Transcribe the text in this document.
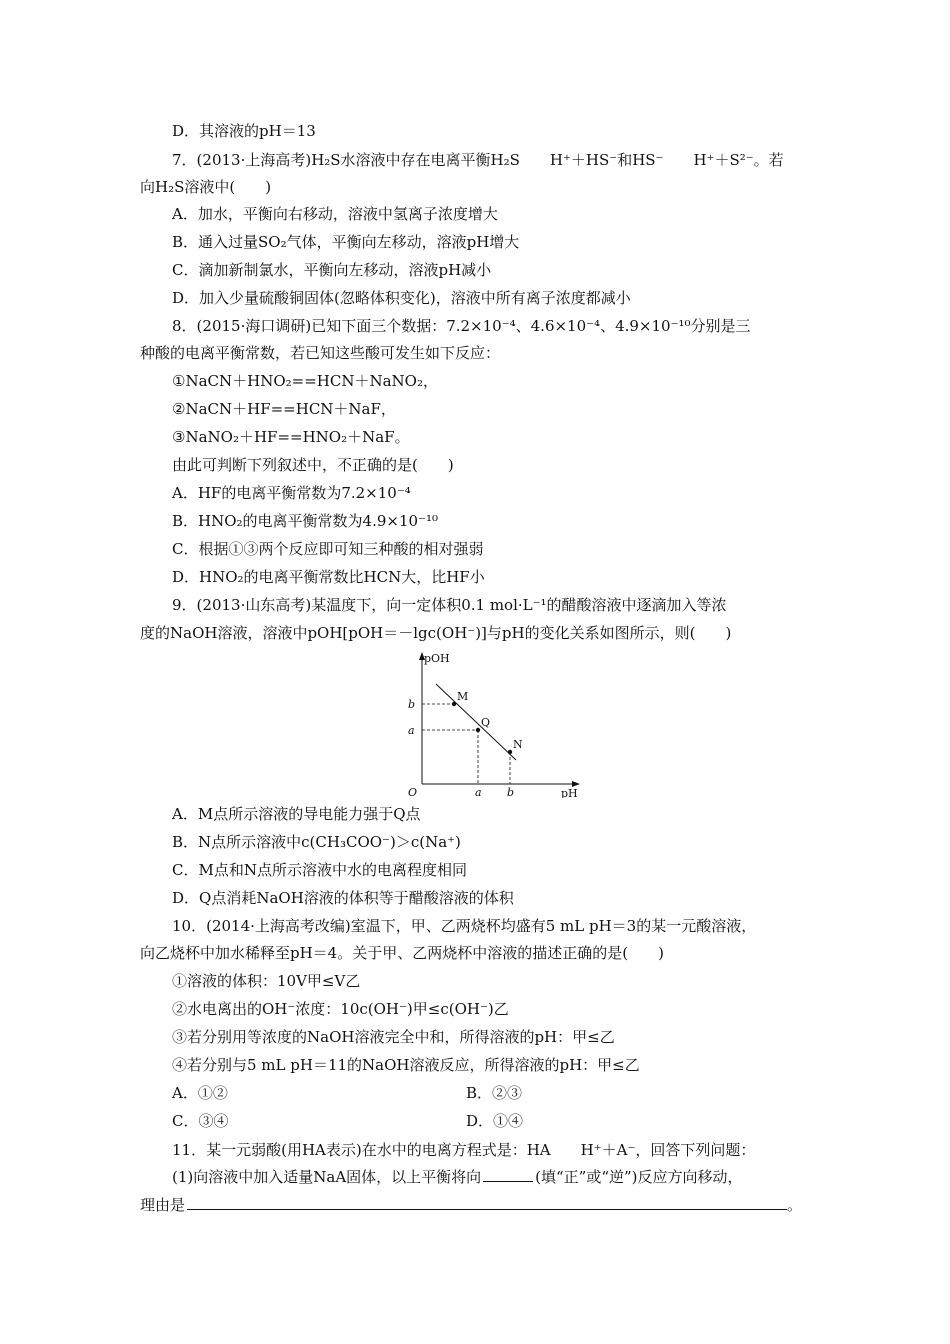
D．其溶液的pH＝13
7．(2013·上海高考)H₂S水溶液中存在电离平衡H₂S　　H⁺＋HS⁻和HS⁻　　H⁺＋S²⁻。若
向H₂S溶液中(　　)
A．加水，平衡向右移动，溶液中氢离子浓度增大
B．通入过量SO₂气体，平衡向左移动，溶液pH增大
C．滴加新制氯水，平衡向左移动，溶液pH减小
D．加入少量硫酸铜固体(忽略体积变化)，溶液中所有离子浓度都减小
8．(2015·海口调研)已知下面三个数据：7.2×10⁻⁴、4.6×10⁻⁴、4.9×10⁻¹⁰分别是三
种酸的电离平衡常数，若已知这些酸可发生如下反应：
①NaCN＋HNO₂==HCN＋NaNO₂，
②NaCN＋HF==HCN＋NaF，
③NaNO₂＋HF==HNO₂＋NaF。
由此可判断下列叙述中，不正确的是(　　)
A．HF的电离平衡常数为7.2×10⁻⁴
B．HNO₂的电离平衡常数为4.9×10⁻¹⁰
C．根据①③两个反应即可知三种酸的相对强弱
D．HNO₂的电离平衡常数比HCN大，比HF小
9．(2013·山东高考)某温度下，向一定体积0.1 mol·L⁻¹的醋酸溶液中逐滴加入等浓
度的NaOH溶液，溶液中pOH[pOH＝－lgc(OH⁻)]与pH的变化关系如图所示，则(　　)
pOH
pH
O
b
a
a b
M
Q
N
A．M点所示溶液的导电能力强于Q点
B．N点所示溶液中c(CH₃COO⁻)＞c(Na⁺)
C．M点和N点所示溶液中水的电离程度相同
D．Q点消耗NaOH溶液的体积等于醋酸溶液的体积
10．(2014·上海高考改编)室温下，甲、乙两烧杯均盛有5 mL pH＝3的某一元酸溶液，
向乙烧杯中加水稀释至pH＝4。关于甲、乙两烧杯中溶液的描述正确的是(　　)
①溶液的体积：10V甲≤V乙
②水电离出的OH⁻浓度：10c(OH⁻)甲≤c(OH⁻)乙
③若分别用等浓度的NaOH溶液完全中和，所得溶液的pH：甲≤乙
④若分别与5 mL pH＝11的NaOH溶液反应，所得溶液的pH：甲≤乙
A．①②	B．②③
C．③④	D．①④
11．某一元弱酸(用HA表示)在水中的电离方程式是：HA　　H⁺＋A⁻，回答下列问题：
(1)向溶液中加入适量NaA固体，以上平衡将向	(填“正”或“逆”)反应方向移动，
理由是	。
